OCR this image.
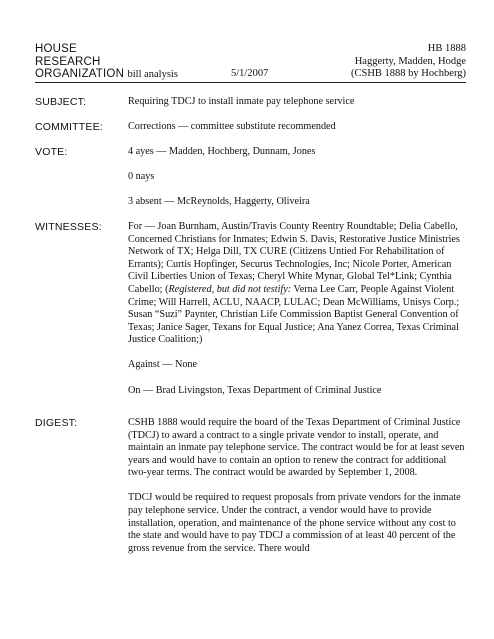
HOUSE
RESEARCH
ORGANIZATION bill analysis	5/1/2007
HB 1888
Haggerty, Madden, Hodge
(CSHB 1888 by Hochberg)
SUBJECT:	Requiring TDCJ to install inmate pay telephone service

COMMITTEE: Corrections — committee substitute recommended

VOTE:	4 ayes — Madden, Hochberg, Dunnam, Jones

0 nays

3 absent — McReynolds, Haggerty, Oliveira

WITNESSES:	For — Joan Burnham, Austin/Travis County Reentry Roundtable; Delia Cabello, Concerned Christians for Inmates; Edwin S. Davis, Restorative Justice Ministries Network of TX; Helga Dill, TX CURE (Citizens Untied For Rehabilitation of Errants); Curtis Hopfinger, Securus Technologies, Inc; Nicole Porter, American Civil Liberties Union of Texas; Cheryl White Mynar, Global Tel*Link; Cynthia Cabello; (Registered, but did not testify: Verna Lee Carr, People Against Violent Crime; Will Harrell, ACLU, NAACP, LULAC; Dean McWilliams, Unisys Corp.; Susan “Suzi” Paynter, Christian Life Commission Baptist General Convention of Texas; Janice Sager, Texans for Equal Justice; Ana Yanez Correa, Texas Criminal Justice Coalition;)

Against — None

On — Brad Livingston, Texas Department of Criminal Justice

DIGEST:	CSHB 1888 would require the board of the Texas Department of Criminal Justice (TDCJ) to award a contract to a single private vendor to install, operate, and maintain an inmate pay telephone service. The contract would be for at least seven years and would have to contain an option to renew the contract for additional two-year terms. The contract would be awarded by September 1, 2008.

TDCJ would be required to request proposals from private vendors for the inmate pay telephone service. Under the contract, a vendor would have to provide installation, operation, and maintenance of the phone service without any cost to the state and would have to pay TDCJ a commission of at least 40 percent of the gross revenue from the service. There would
